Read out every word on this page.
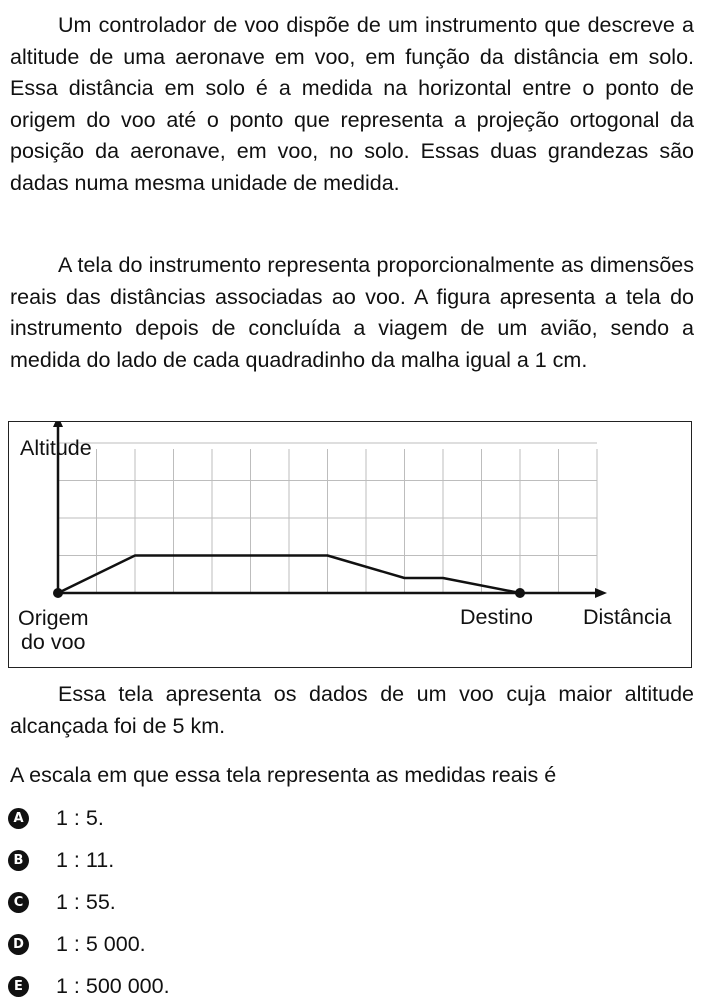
Um controlador de voo dispõe de um instrumento que descreve a altitude de uma aeronave em voo, em função da distância em solo. Essa distância em solo é a medida na horizontal entre o ponto de origem do voo até o ponto que representa a projeção ortogonal da posição da aeronave, em voo, no solo. Essas duas grandezas são dadas numa mesma unidade de medida.

A tela do instrumento representa proporcionalmente as dimensões reais das distâncias associadas ao voo. A figura apresenta a tela do instrumento depois de concluída a viagem de um avião, sendo a medida do lado de cada quadradinho da malha igual a 1 cm.

Altitude
Origem
do voo
Destino Distância

Essa tela apresenta os dados de um voo cuja maior altitude alcançada foi de 5 km.

A escala em que essa tela representa as medidas reais é

A 1 : 5.
B 1 : 11.
C 1 : 55.
D 1 : 5 000.
E 1 : 500 000.
